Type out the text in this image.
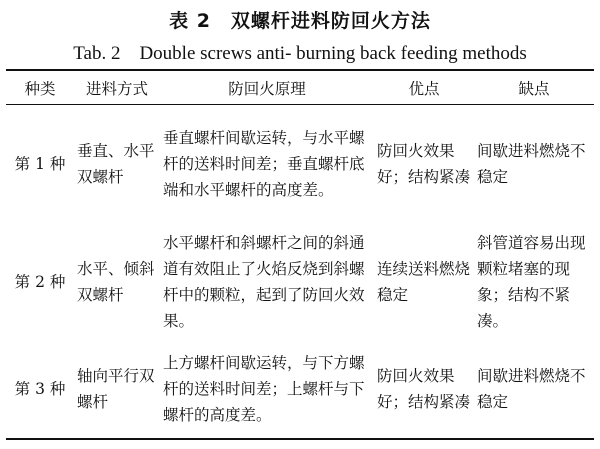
表 2　双螺杆进料防回火方法
Tab. 2　Double screws anti- burning back feeding methods
种类	进料方式	防回火原理	优点	缺点
第 1 种	垂直、水平双螺杆	垂直螺杆间歇运转，与水平螺杆的送料时间差；垂直螺杆底端和水平螺杆的高度差。	防回火效果好；结构紧凑	间歇进料燃烧不稳定
第 2 种	水平、倾斜双螺杆	水平螺杆和斜螺杆之间的斜通道有效阻止了火焰反烧到斜螺杆中的颗粒，起到了防回火效果。	连续送料燃烧稳定	斜管道容易出现颗粒堵塞的现象；结构不紧凑。
第 3 种	轴向平行双螺杆	上方螺杆间歇运转，与下方螺杆的送料时间差；上螺杆与下螺杆的高度差。	防回火效果好；结构紧凑	间歇进料燃烧不稳定
